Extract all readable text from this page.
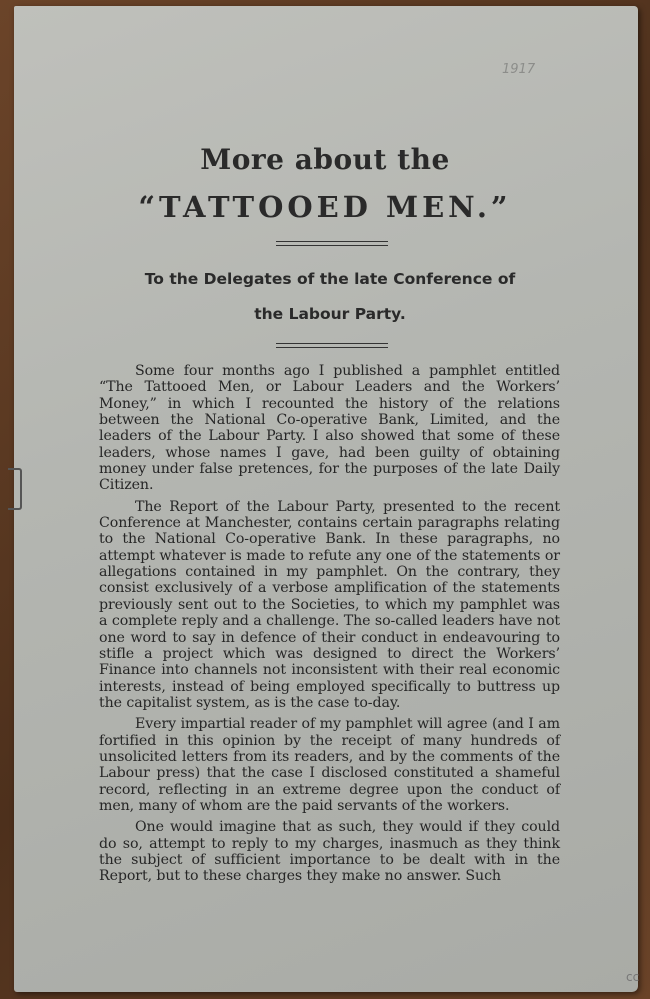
1917
More about the
“TATTOOED MEN.”
To the Delegates of the late Conference of
the Labour Party.

Some four months ago I published a pamphlet entitled “The Tattooed Men, or Labour Leaders and the Workers’ Money,” in which I recounted the history of the relations between the National Co-operative Bank, Limited, and the leaders of the Labour Party. I also showed that some of these leaders, whose names I gave, had been guilty of obtaining money under false pretences, for the purposes of the late Daily Citizen.

The Report of the Labour Party, presented to the recent Conference at Manchester, contains certain paragraphs relating to the National Co-operative Bank. In these paragraphs, no attempt whatever is made to refute any one of the statements or allegations contained in my pamphlet. On the contrary, they consist exclusively of a verbose amplification of the statements previously sent out to the Societies, to which my pamphlet was a complete reply and a challenge. The so-called leaders have not one word to say in defence of their conduct in endeavouring to stifle a project which was designed to direct the Workers’ Finance into channels not inconsistent with their real economic interests, instead of being employed specifically to buttress up the capitalist system, as is the case to-day.

Every impartial reader of my pamphlet will agree (and I am fortified in this opinion by the receipt of many hundreds of unsolicited letters from its readers, and by the comments of the Labour press) that the case I disclosed constituted a shameful record, reflecting in an extreme degree upon the conduct of men, many of whom are the paid servants of the workers.

One would imagine that as such, they would if they could do so, attempt to reply to my charges, inasmuch as they think the subject of sufficient importance to be dealt with in the Report, but to these charges they make no answer. Such

cc
